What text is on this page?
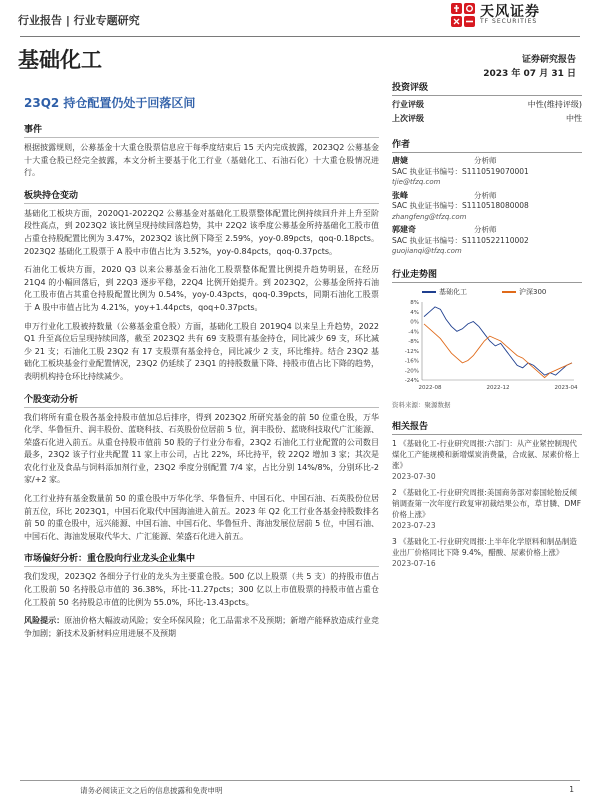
行业报告 | 行业专题研究
天风证券
TF SECURITIES
基础化工	证券研究报告
2023 年 07 月 31 日
23Q2 持仓配置仍处于回落区间
事件

根据披露规则，公募基金十大重仓股票信息应于每季度结束后 15 天内完成披露，2023Q2 公募基金十大重仓股已经完全披露，本文分析主要基于化工行业（基础化工、石油石化）十大重仓股情况进行。

板块持仓变动

基础化工板块方面，2020Q1-2022Q2 公募基金对基础化工股票整体配置比例持续回升并上升至阶段性高点，到 2023Q2 该比例呈现持续回落趋势，其中 22Q2 该季度公募基金所持基础化工股市值占重仓持股配置比例为 3.47%，2023Q2 该比例下降至 2.59%，yoy-0.89pcts，qoq-0.18pcts。2023Q2 基础化工股票于 A 股中市值占比为 3.52%，yoy-0.84pcts，qoq-0.37pcts。

石油化工板块方面，2020 Q3 以来公募基金石油化工股票整体配置比例提升趋势明显，在经历 21Q4 的小幅回落后，到 22Q3 逐步平稳，22Q4 比例开始提升。到 2023Q2，公募基金所持石油化工股市值占其重仓持股配置比例为 0.54%，yoy-0.43pcts，qoq-0.39pcts，同期石油化工股票于 A 股中市值占比为 4.21%，yoy+1.44pcts，qoq+0.37pcts。

申万行业化工股被持数量（公募基金重仓股）方面，基础化工股自 2019Q4 以来呈上升趋势，2022 Q1 升至高位后呈现持续回落，截至 2023Q2 共有 69 支股票有基金持仓，同比减少 69 支，环比减少 21 支；石油化工股 23Q2 有 17 支股票有基金持仓，同比减少 2 支，环比维持。结合 23Q2 基础化工板块基金行业配置情况，23Q2 仍延续了 23Q1 的持股数量下降、持股市值占比下降的趋势，表明机构持仓环比持续减少。

个股变动分析

我们将所有重仓股各基金持股市值加总后排序，得到 2023Q2 所研究基金的前 50 位重仓股，万华化学、华鲁恒升、润丰股份、蓝晓科技、石英股份位居前 5 位，润丰股份、蓝晓科技取代广汇能源、荣盛石化进入前五。从重仓持股市值前 50 股的子行业分布看，23Q2 石油化工行业配置的公司数目最多，23Q2 该子行业共配置 11 家上市公司，占比 22%，环比持平，较 22Q2 增加 3 家；其次是农化行业及食品与饲料添加剂行业，23Q2 季度分别配置 7/4 家，占比分别 14%/8%，分别环比-2 家/+2 家。

化工行业持有基金数量前 50 的重仓股中万华化学、华鲁恒升、中国石化、中国石油、石英股份位居前五位，环比 2023Q1，中国石化取代中国海油进入前五。2023 年 Q2 化工行业各基金持股数排名前 50 的重仓股中，远兴能源、中国石油、中国石化、华鲁恒升、海油发展位居前 5 位，中国石油、中国石化、海油发展取代华大、广汇能源、荣盛石化进入前五。

市场偏好分析：重仓股向行业龙头企业集中

我们发现，2023Q2 各细分子行业的龙头为主要重仓股。500 亿以上股票（共 5 支）的持股市值占化工股前 50 名持股总市值的 36.38%，环比-11.27pcts；300 亿以上市值股票的持股市值占重仓化工股前 50 名持股总市值的比例为 55.0%，环比-13.43pcts。

风险提示：原油价格大幅波动风险；安全环保风险；化工品需求不及预期；新增产能释放造成行业竞争加剧；新技术及新材料应用进展不及预期

投资评级
行业评级	中性(维持评级)
上次评级	中性
作者
唐婕	分析师
SAC 执业证书编号：S1110519070001
tjie@tfzq.com
张峰	分析师
SAC 执业证书编号：S1110518080008
zhangfeng@tfzq.com
郭建奇	分析师
SAC 执业证书编号：S1110522110002
guojianqi@tfzq.com
行业走势图
基础化工	沪深300
8%
4%
0%
-4%
-8%
-12%
-16%
-20%
-24%
2022-08	2022-12	2023-04
资料来源：聚源数据
相关报告
1 《基础化工-行业研究周报:六部门：从产业紧控制现代煤化工产能规模和新增煤炭消费量，合成氨、尿素价格上涨》
2023-07-30
2 《基础化工-行业研究周报:美国商务部对泰国轮胎反倾销调查第一次年度行政复审初裁结果公布，草甘膦、DMF 价格上涨》
2023-07-23
3 《基础化工-行业研究周报:上半年化学原料和制品制造业出厂价格同比下降 9.4%，醋酸、尿素价格上涨》
2023-07-16
请务必阅读正文之后的信息披露和免责申明	1
